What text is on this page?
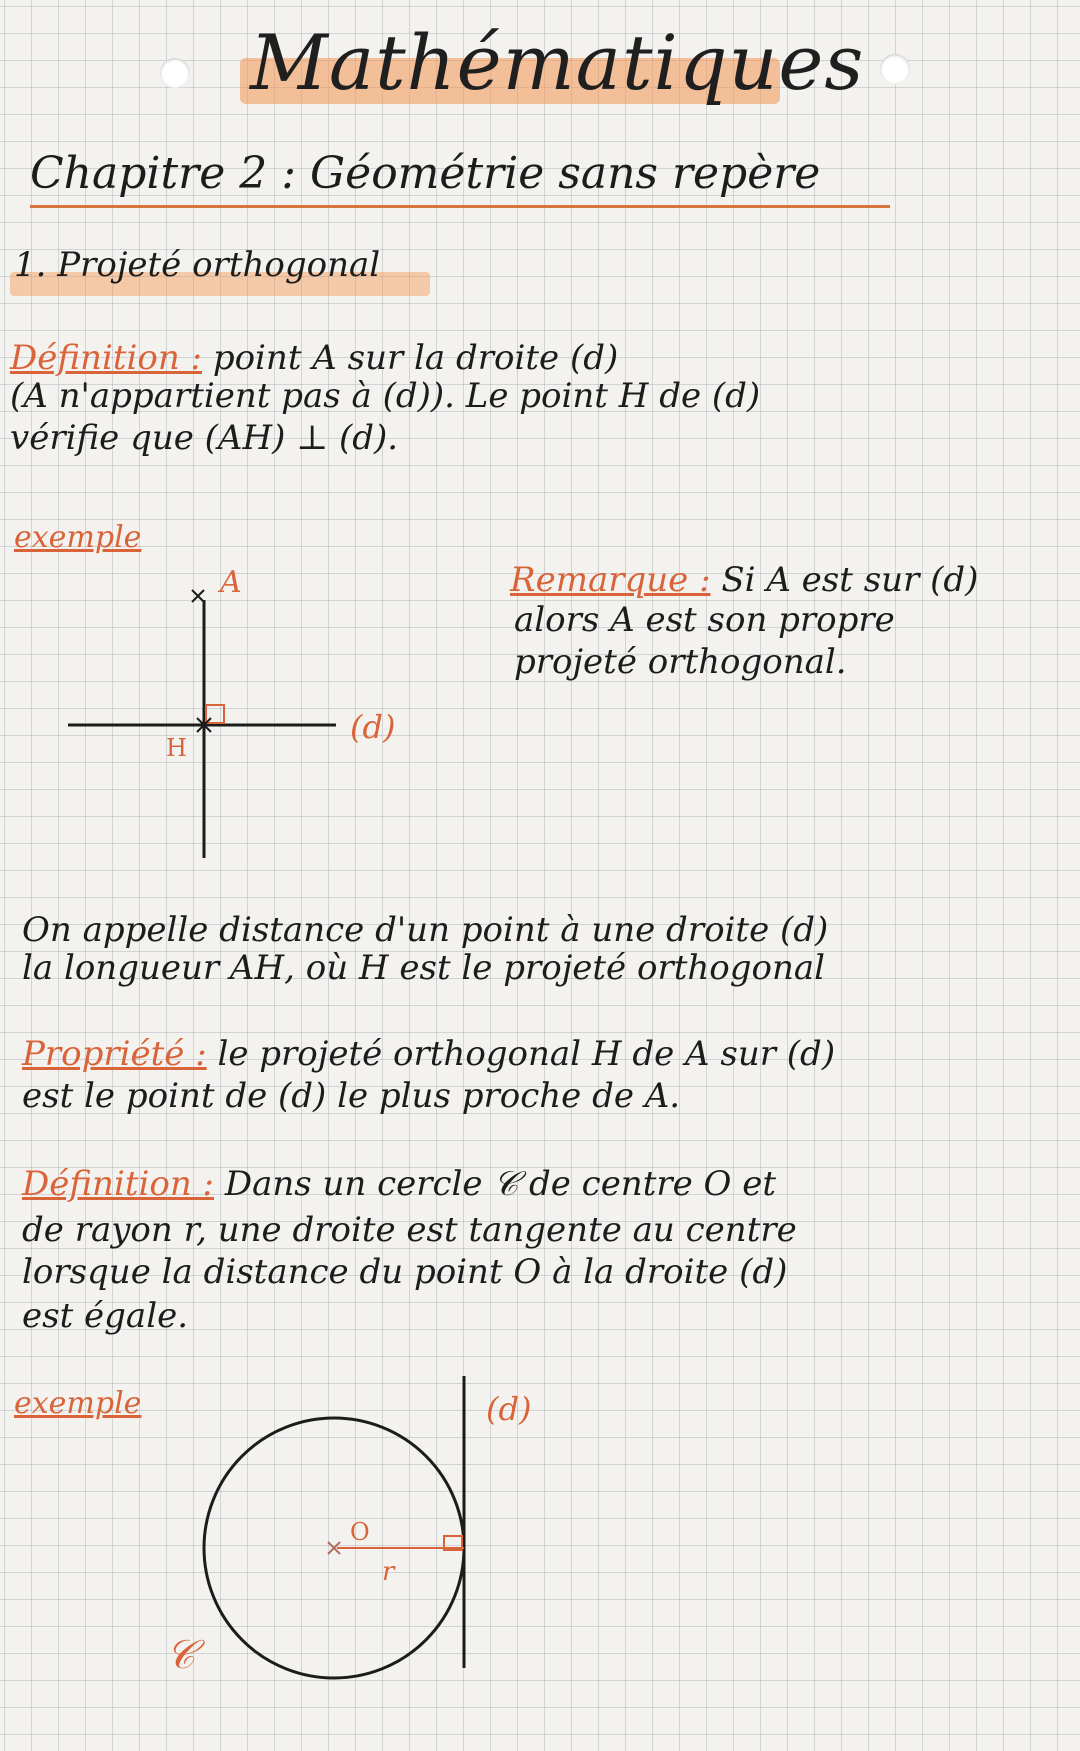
Mathématiques
Chapitre 2 : Géométrie sans repère
1. Projeté orthogonal
Définition : point A sur la droite (d)
(A n'appartient pas à (d)). Le point H de (d)
vérifie que (AH) ⊥ (d).
exemple
A
H
(d)
O
r
(d)
𝒞
Remarque : Si A est sur (d)
alors A est son propre
projeté orthogonal.
On appelle distance d'un point à une droite (d)
la longueur AH, où H est le projeté orthogonal
Propriété : le projeté orthogonal H de A sur (d)
est le point de (d) le plus proche de A.
Définition : Dans un cercle 𝒞 de centre O et
de rayon r, une droite est tangente au centre
lorsque la distance du point O à la droite (d)
est égale.
exemple
